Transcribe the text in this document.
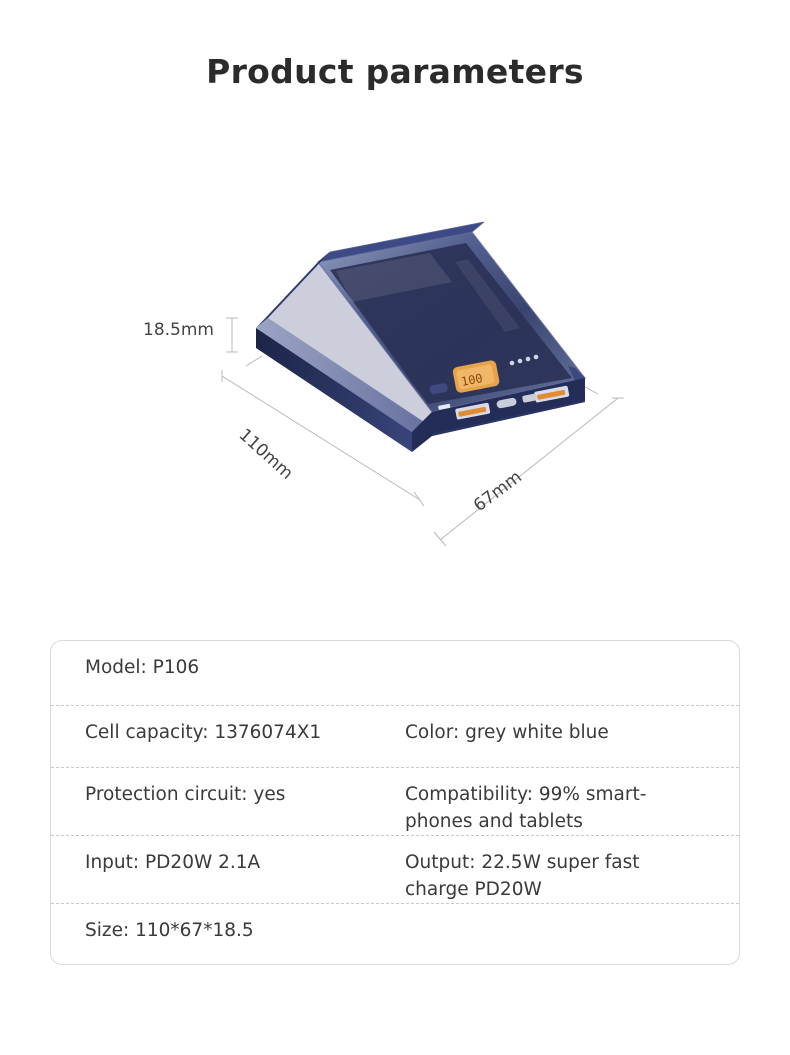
Product parameters
100
18.5mm
110mm
67mm
Model: P106
Cell capacity: 1376074X1	Color: grey white blue
Protection circuit: yes	Compatibility: 99% smart-phones and tablets
Input: PD20W 2.1A	Output: 22.5W super fast charge PD20W
Size: 110*67*18.5
